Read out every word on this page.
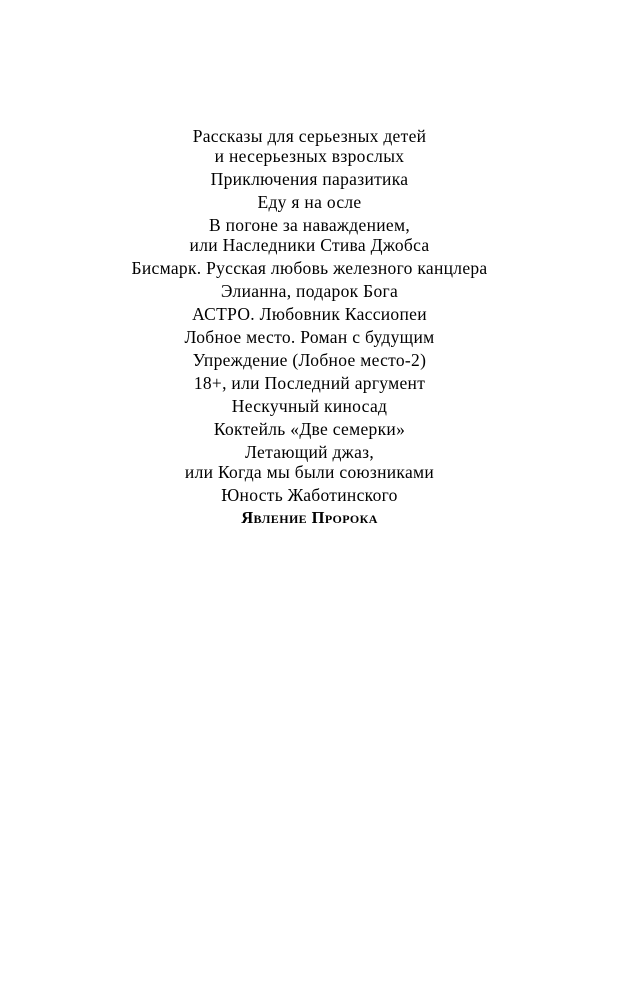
Рассказы для серьезных детей
и несерьезных взрослых
Приключения паразитика
Еду я на осле
В погоне за наваждением,
или Наследники Стива Джобса
Бисмарк. Русская любовь железного канцлера
Элианна, подарок Бога
АСТРО. Любовник Кассиопеи
Лобное место. Роман с будущим
Упреждение (Лобное место-2)
18+, или Последний аргумент
Нескучный киносад
Коктейль «Две семерки»
Летающий джаз,
или Когда мы были союзниками
Юность Жаботинского
Явление Пророка
